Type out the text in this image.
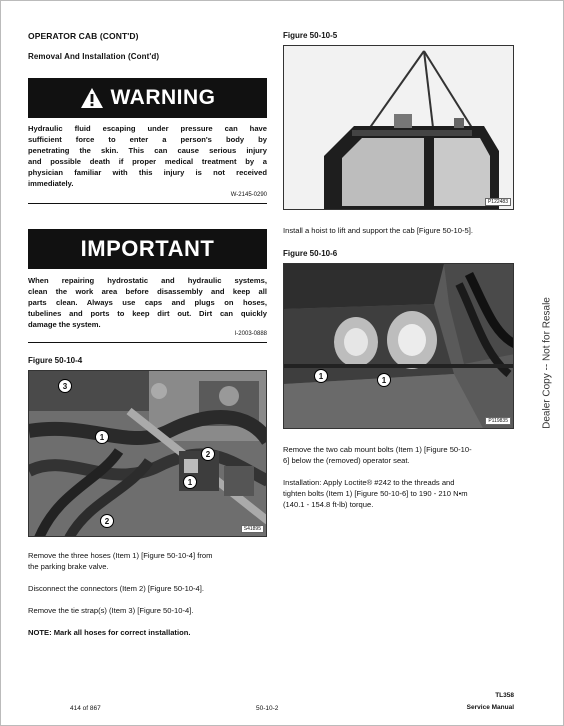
OPERATOR CAB (CONT'D)
Removal And Installation (Cont'd)
WARNING
Hydraulic fluid escaping under pressure can have
sufficient force to enter a person's body by
penetrating the skin. This can cause serious injury
and possible death if proper medical treatment by a
physician familiar with this injury is not received
immediately.
W-2145-0290
IMPORTANT
When repairing hydrostatic and hydraulic systems,
clean the work area before disassembly and keep all
parts clean. Always use caps and plugs on hoses,
tubelines and ports to keep dirt out. Dirt can quickly
damage the system.
I-2003-0888
Figure 50-10-4
3
1
2
1
2
S41895
Remove the three hoses (Item 1) [Figure 50-10-4] from
the parking brake valve.
Disconnect the connectors (Item 2) [Figure 50-10-4].
Remove the tie strap(s) (Item 3) [Figure 50-10-4].
NOTE: Mark all hoses for correct installation.
Figure 50-10-5
P122483
Install a hoist to lift and support the cab [Figure 50-10-5].
Figure 50-10-6
1	1
P119835
Remove the two cab mount bolts (Item 1) [Figure 50-10-
6] below the (removed) operator seat.
Installation: Apply Loctite® #242 to the threads and
tighten bolts (Item 1) [Figure 50-10-6] to 190 - 210 N•m
(140.1 - 154.8 ft-lb) torque.
Dealer Copy -- Not for Resale
414 of 867	50-10-2
TL358
Service Manual
